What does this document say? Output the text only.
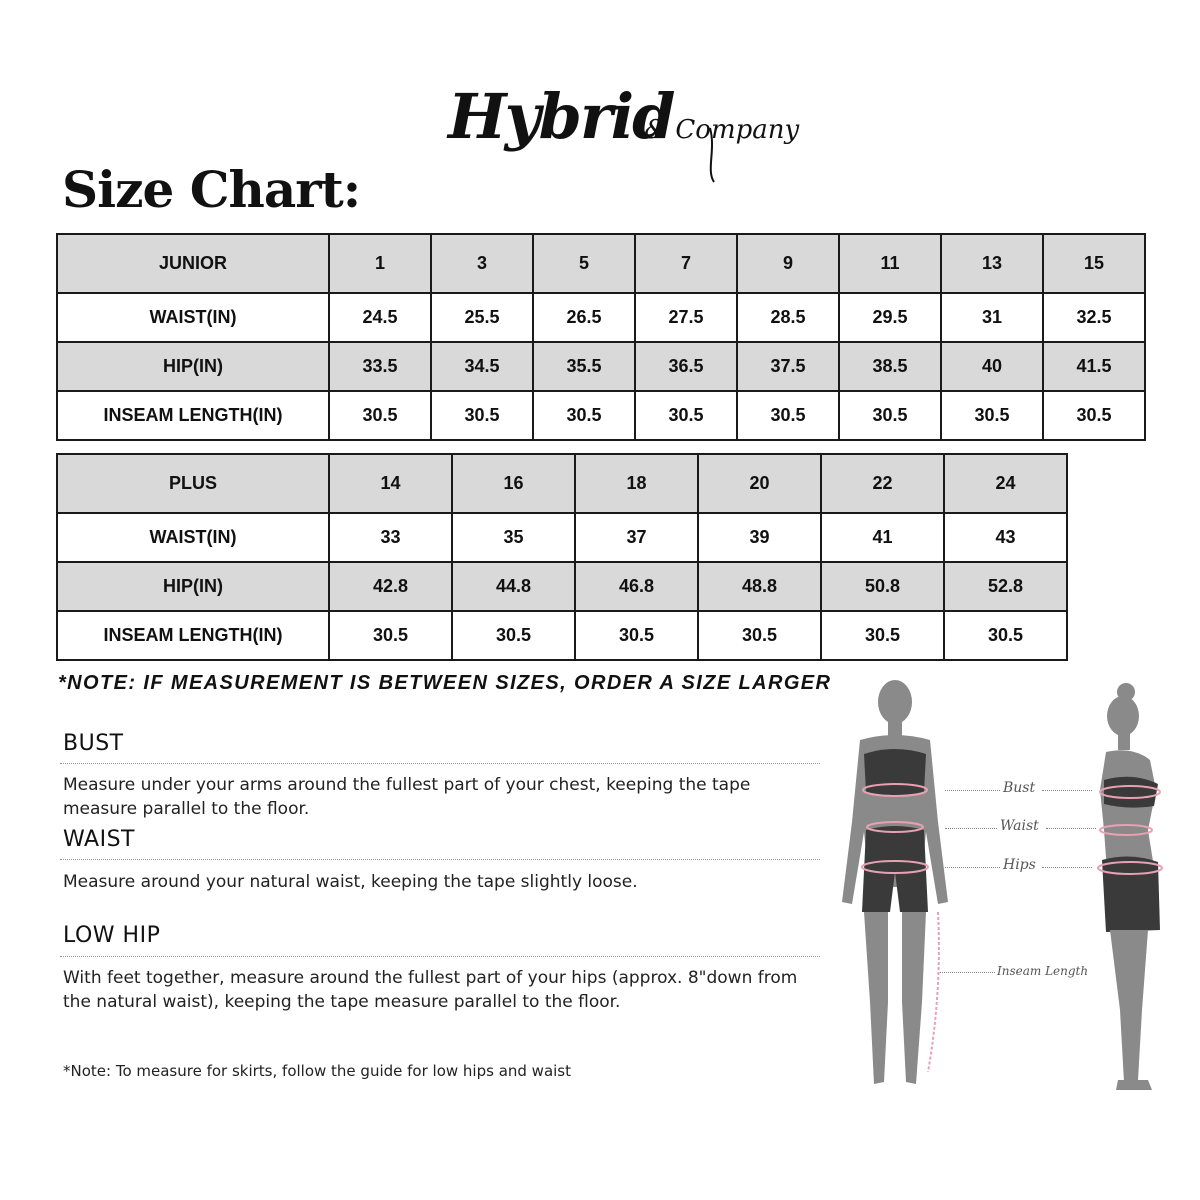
Hybrid
& Company
Size Chart:
JUNIOR	1	3	5	7	9	11	13	15
WAIST(IN)	24.5	25.5	26.5	27.5	28.5	29.5	31	32.5
HIP(IN)	33.5	34.5	35.5	36.5	37.5	38.5	40	41.5
INSEAM LENGTH(IN)	30.5	30.5	30.5	30.5	30.5	30.5	30.5	30.5
PLUS	14	16	18	20	22	24
WAIST(IN)	33	35	37	39	41	43
HIP(IN)	42.8	44.8	46.8	48.8	50.8	52.8
INSEAM LENGTH(IN)	30.5	30.5	30.5	30.5	30.5	30.5
*NOTE: IF MEASUREMENT IS BETWEEN SIZES, ORDER A SIZE LARGER
BUST
Measure under your arms around the fullest part of your chest, keeping the tape measure parallel to the floor.
WAIST
Measure around your natural waist, keeping the tape slightly loose.
LOW HIP
With feet together, measure around the fullest part of your hips (approx. 8"down from the natural waist), keeping the tape measure parallel to the floor.
*Note: To measure for skirts, follow the guide for low hips and waist
Bust
Waist
Hips
Inseam Length
